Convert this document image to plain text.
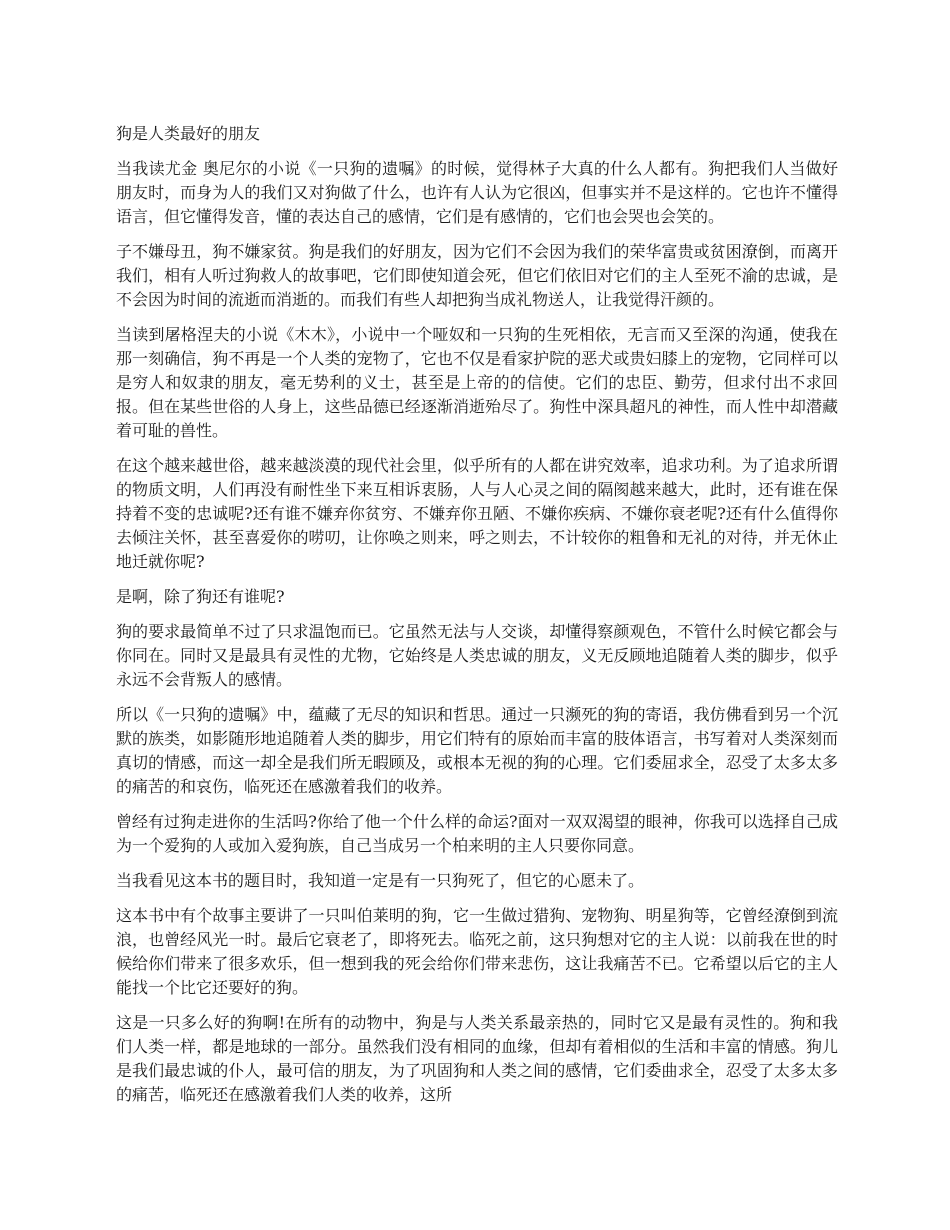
狗是人类最好的朋友

当我读尤金 奥尼尔的小说《一只狗的遗嘱》的时候，觉得林子大真的什么人都有。狗把我们人当做好朋友时，而身为人的我们又对狗做了什么，也许有人认为它很凶，但事实并不是这样的。它也许不懂得语言，但它懂得发音，懂的表达自己的感情，它们是有感情的，它们也会哭也会笑的。

子不嫌母丑，狗不嫌家贫。狗是我们的好朋友，因为它们不会因为我们的荣华富贵或贫困潦倒，而离开我们，相有人听过狗救人的故事吧，它们即使知道会死，但它们依旧对它们的主人至死不渝的忠诚，是不会因为时间的流逝而消逝的。而我们有些人却把狗当成礼物送人，让我觉得汗颜的。

当读到屠格涅夫的小说《木木》，小说中一个哑奴和一只狗的生死相依，无言而又至深的沟通，使我在那一刻确信，狗不再是一个人类的宠物了，它也不仅是看家护院的恶犬或贵妇膝上的宠物，它同样可以是穷人和奴隶的朋友，毫无势利的义士，甚至是上帝的的信使。它们的忠臣、勤劳，但求付出不求回报。但在某些世俗的人身上，这些品德已经逐渐消逝殆尽了。狗性中深具超凡的神性，而人性中却潜藏着可耻的兽性。

在这个越来越世俗，越来越淡漠的现代社会里，似乎所有的人都在讲究效率，追求功利。为了追求所谓的物质文明，人们再没有耐性坐下来互相诉衷肠，人与人心灵之间的隔阂越来越大，此时，还有谁在保持着不变的忠诚呢?还有谁不嫌弃你贫穷、不嫌弃你丑陋、不嫌你疾病、不嫌你衰老呢?还有什么值得你去倾注关怀，甚至喜爱你的唠叨，让你唤之则来，呼之则去，不计较你的粗鲁和无礼的对待，并无休止地迁就你呢?

是啊，除了狗还有谁呢?

狗的要求最简单不过了只求温饱而已。它虽然无法与人交谈，却懂得察颜观色，不管什么时候它都会与你同在。同时又是最具有灵性的尤物，它始终是人类忠诚的朋友，义无反顾地追随着人类的脚步，似乎永远不会背叛人的感情。

所以《一只狗的遗嘱》中，蕴藏了无尽的知识和哲思。通过一只濒死的狗的寄语，我仿佛看到另一个沉默的族类，如影随形地追随着人类的脚步，用它们特有的原始而丰富的肢体语言，书写着对人类深刻而真切的情感，而这一却全是我们所无暇顾及，或根本无视的狗的心理。它们委屈求全，忍受了太多太多的痛苦的和哀伤，临死还在感激着我们的收养。

曾经有过狗走进你的生活吗?你给了他一个什么样的命运?面对一双双渴望的眼神，你我可以选择自己成为一个爱狗的人或加入爱狗族，自己当成另一个柏来明的主人只要你同意。

当我看见这本书的题目时，我知道一定是有一只狗死了，但它的心愿未了。

这本书中有个故事主要讲了一只叫伯莱明的狗，它一生做过猎狗、宠物狗、明星狗等，它曾经潦倒到流浪，也曾经风光一时。最后它衰老了，即将死去。临死之前，这只狗想对它的主人说：以前我在世的时候给你们带来了很多欢乐，但一想到我的死会给你们带来悲伤，这让我痛苦不已。它希望以后它的主人能找一个比它还要好的狗。

这是一只多么好的狗啊!在所有的动物中，狗是与人类关系最亲热的，同时它又是最有灵性的。狗和我们人类一样，都是地球的一部分。虽然我们没有相同的血缘，但却有着相似的生活和丰富的情感。狗儿是我们最忠诚的仆人，最可信的朋友，为了巩固狗和人类之间的感情，它们委曲求全，忍受了太多太多的痛苦，临死还在感激着我们人类的收养，这所
